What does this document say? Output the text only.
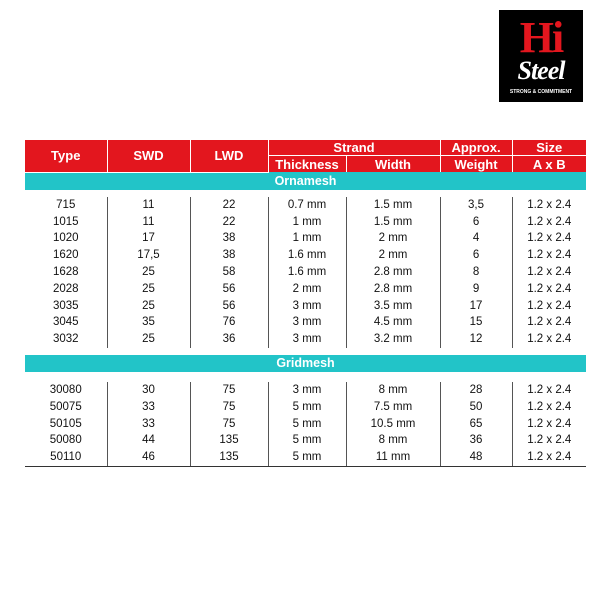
Hi
Steel
STRONG & COMMITMENT
Type	SWD	LWD	Strand		Approx.	Size
			Thickness	Width	Weight	A x B
Ornamesh						

715	11	22	0.7 mm	1.5 mm	3,5	1.2 x 2.4
1015	11	22	1 mm	1.5 mm	6	1.2 x 2.4
1020	17	38	1 mm	2 mm	4	1.2 x 2.4
1620	17,5	38	1.6 mm	2 mm	6	1.2 x 2.4
1628	25	58	1.6 mm	2.8 mm	8	1.2 x 2.4
2028	25	56	2 mm	2.8 mm	9	1.2 x 2.4
3035	25	56	3 mm	3.5 mm	17	1.2 x 2.4
3045	35	76	3 mm	4.5 mm	15	1.2 x 2.4
3032	25	36	3 mm	3.2 mm	12	1.2 x 2.4

Gridmesh						

30080	30	75	3 mm	8 mm	28	1.2 x 2.4
50075	33	75	5 mm	7.5 mm	50	1.2 x 2.4
50105	33	75	5 mm	10.5 mm	65	1.2 x 2.4
50080	44	135	5 mm	8 mm	36	1.2 x 2.4
50110	46	135	5 mm	11 mm	48	1.2 x 2.4
